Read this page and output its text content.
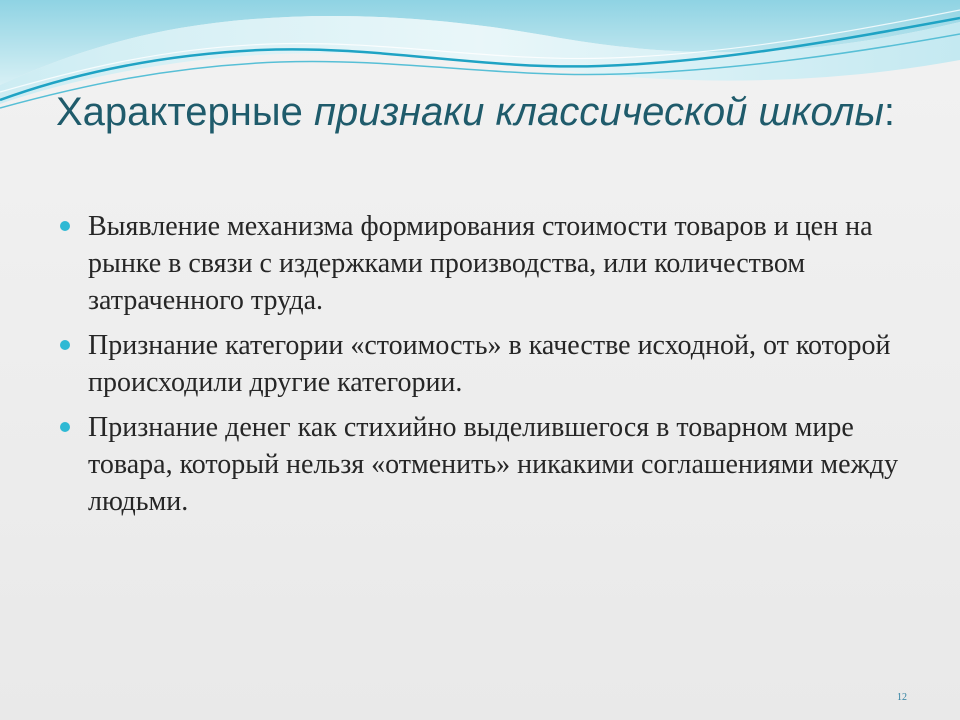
Характерные признаки классической школы:
Выявление механизма формирования стоимости товаров и цен на рынке в связи с издержками производства, или количеством затраченного труда.
Признание категории «стоимость» в качестве исходной, от которой происходили другие категории.
Признание денег как стихийно выделившегося в товарном мире товара, который нельзя «отменить» никакими соглашениями между людьми.
12
